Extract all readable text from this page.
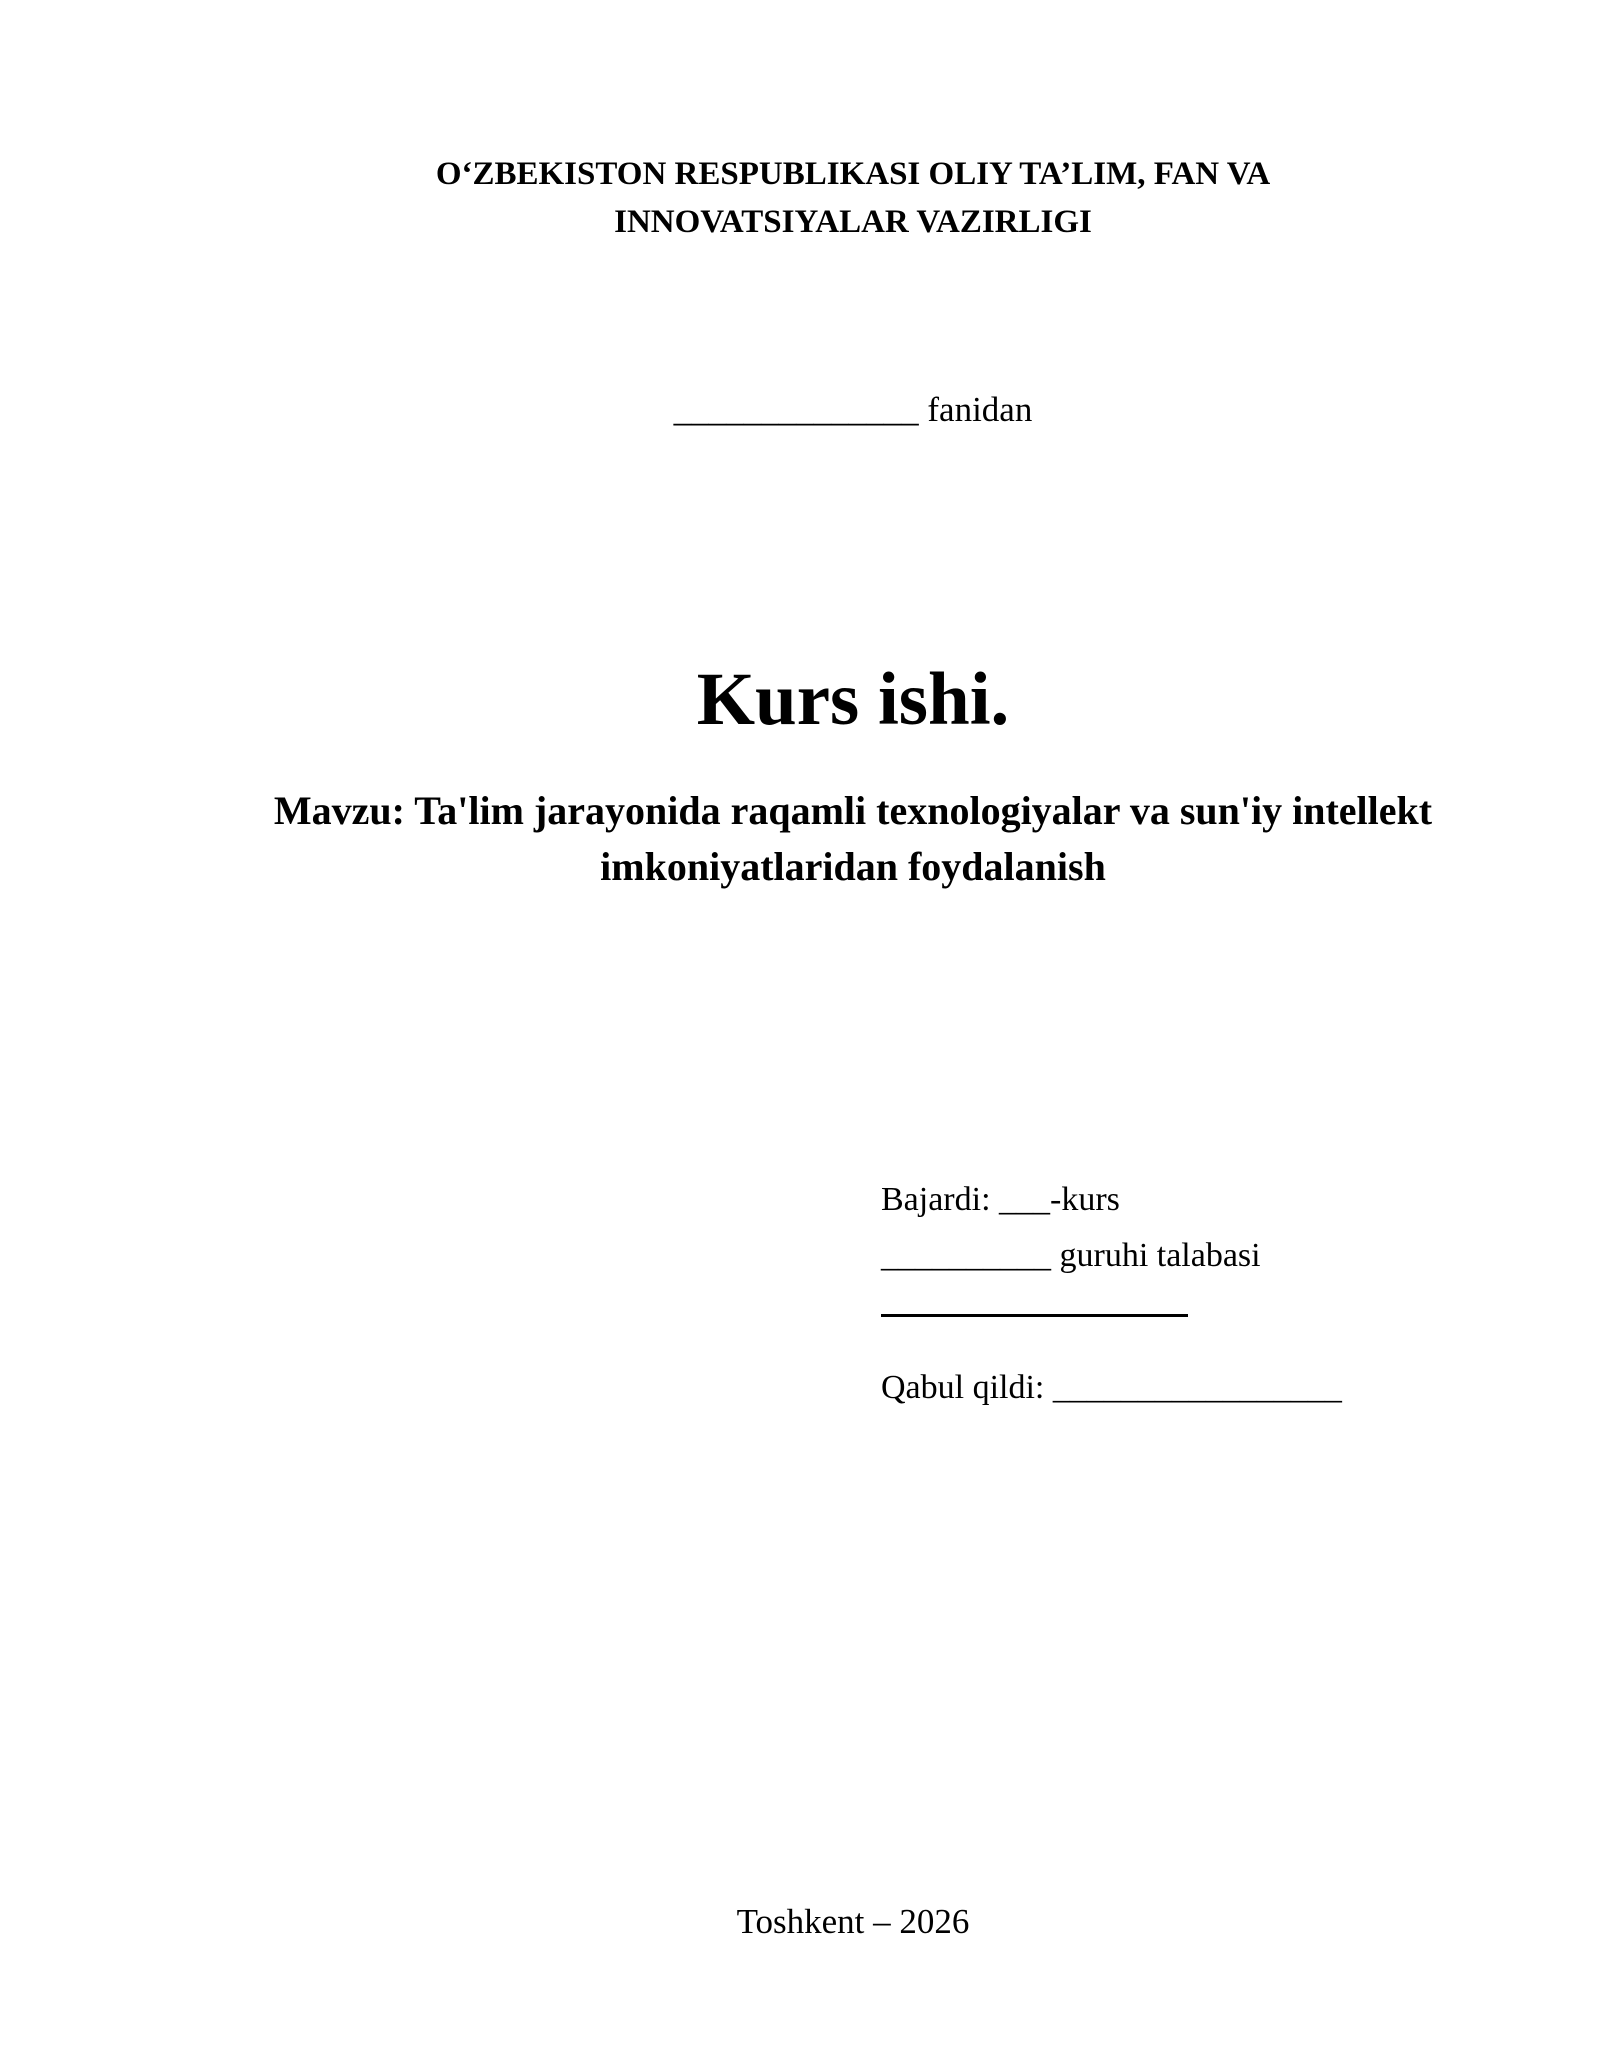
O‘ZBEKISTON RESPUBLIKASI OLIY TA’LIM, FAN VA
INNOVATSIYALAR VAZIRLIGI
______________ fanidan
Kurs ishi.
Mavzu: Ta'lim jarayonida raqamli texnologiyalar va sun'iy intellekt
imkoniyatlaridan foydalanish
Bajardi: ___-kurs
__________ guruhi talabasi
Qabul qildi: _________________
Toshkent – 2026
